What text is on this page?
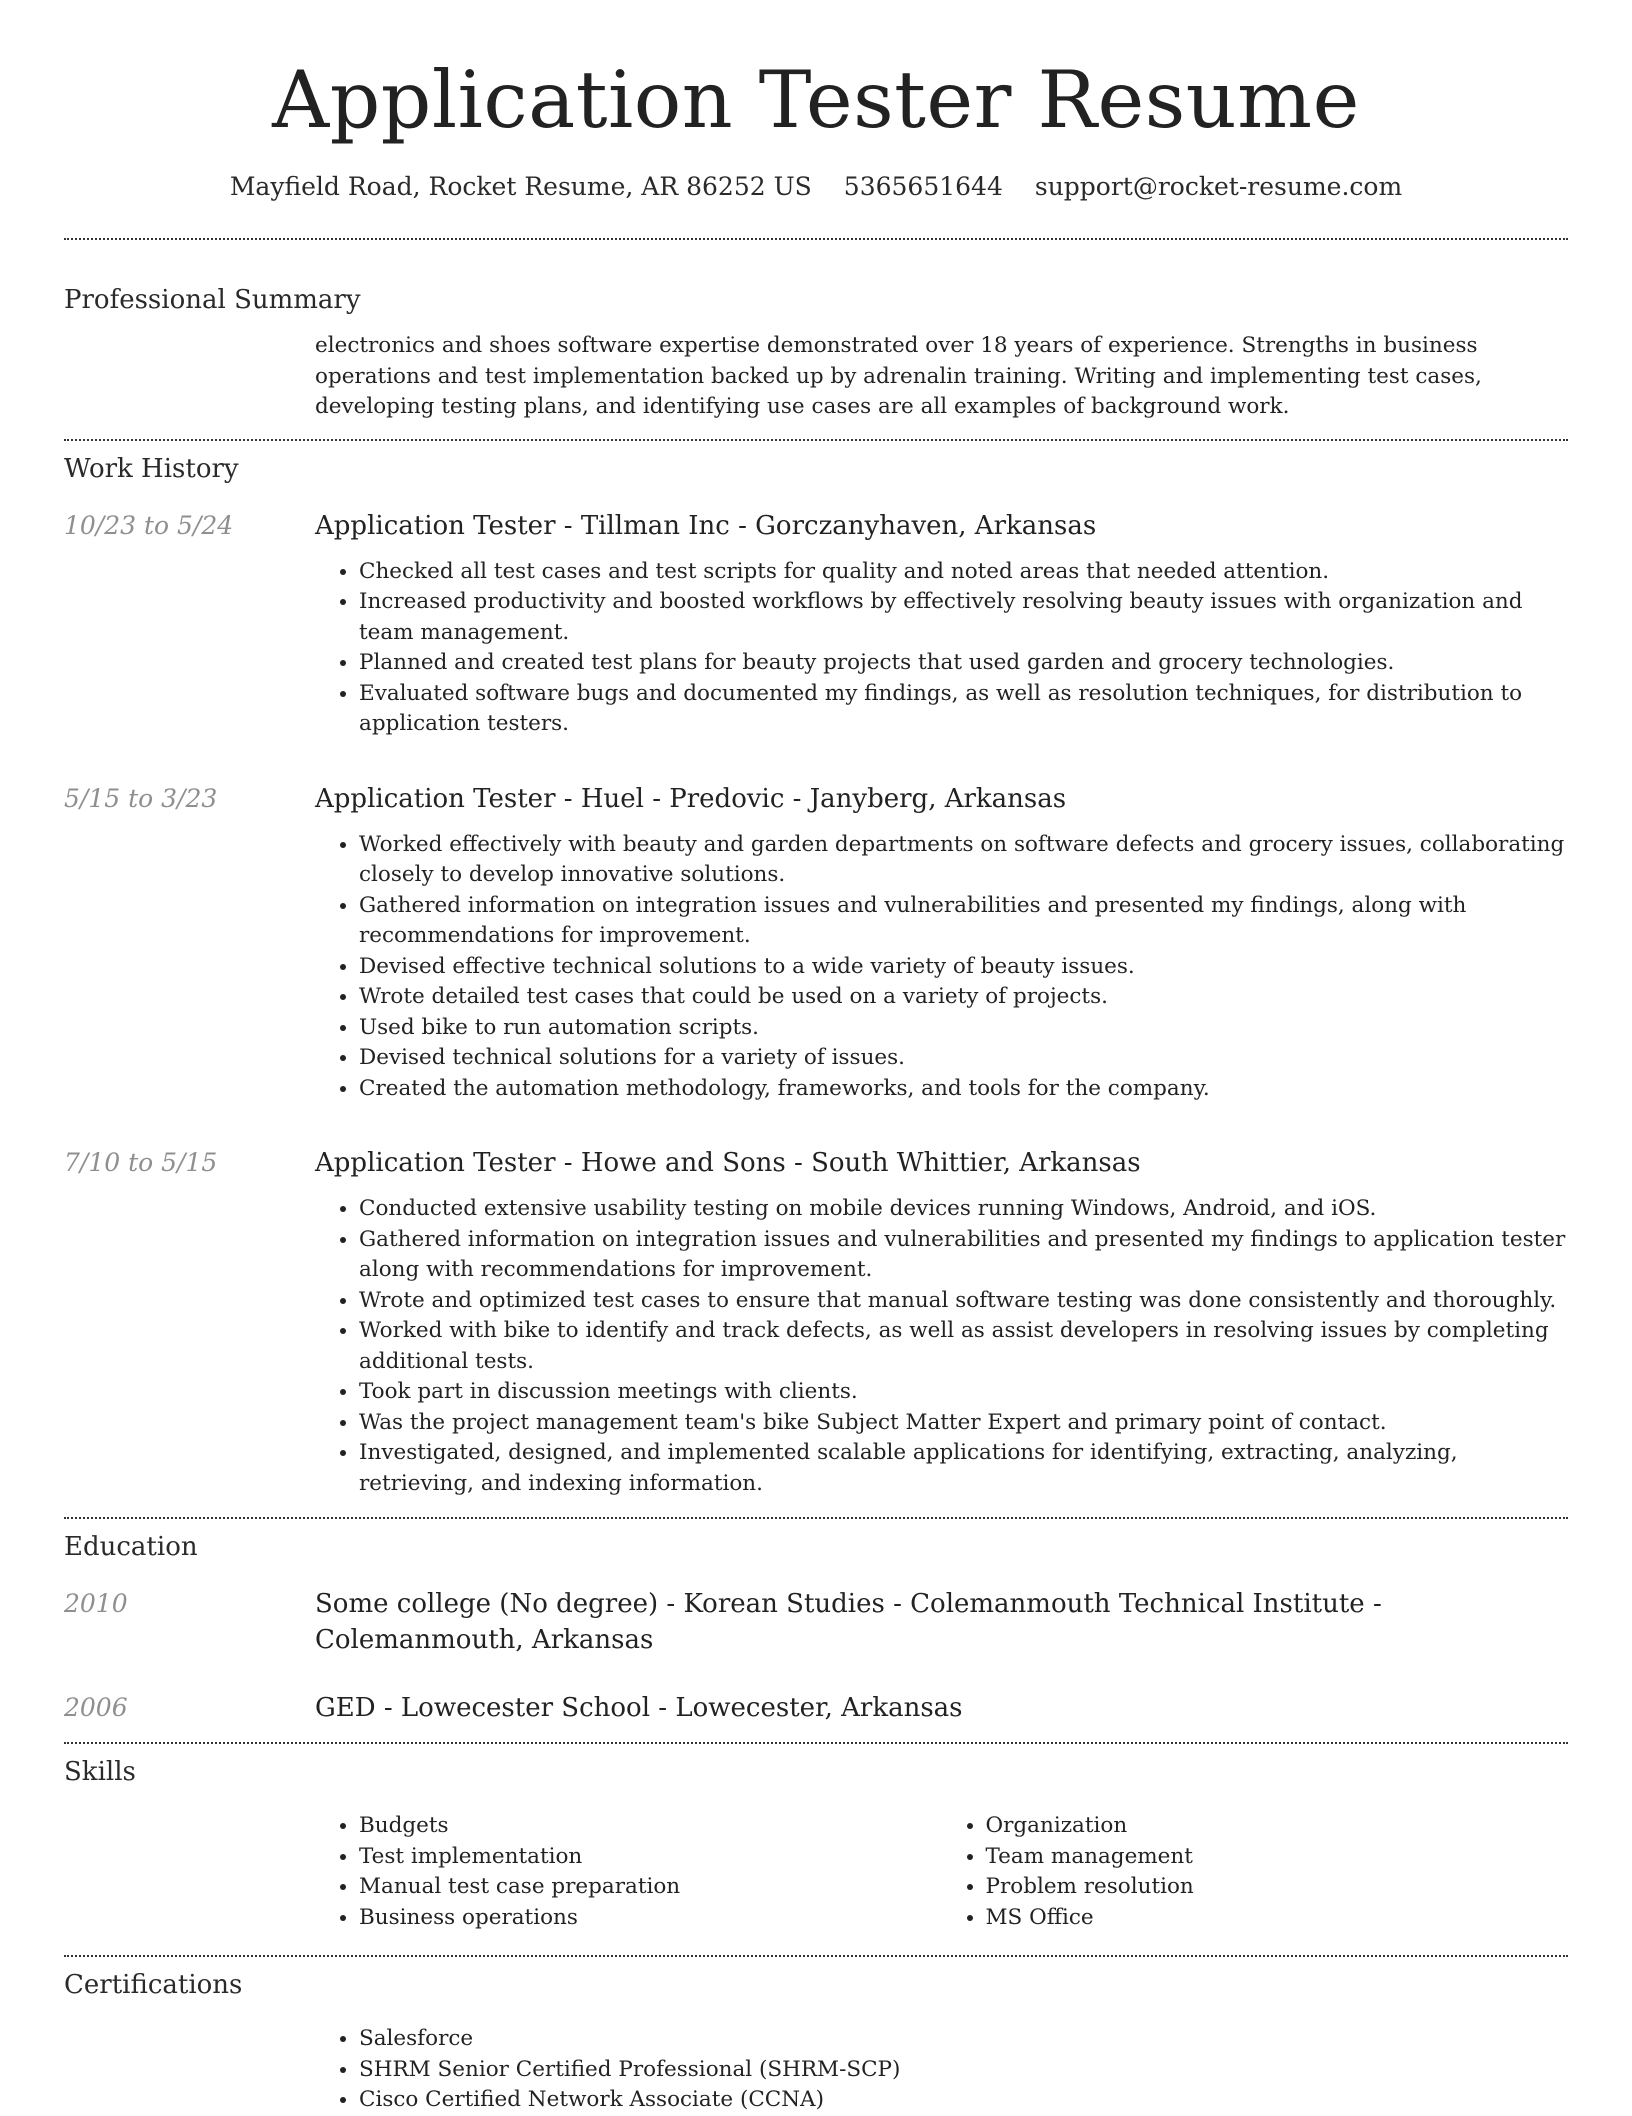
Application Tester Resume
Mayfield Road, Rocket Resume, AR 86252 US 5365651644 support@rocket-resume.com
Professional Summary
electronics and shoes software expertise demonstrated over 18 years of experience. Strengths in business operations and test implementation backed up by adrenalin training. Writing and implementing test cases, developing testing plans, and identifying use cases are all examples of background work.
Work History
10/23 to 5/24	Application Tester - Tillman Inc - Gorczanyhaven, Arkansas
• Checked all test cases and test scripts for quality and noted areas that needed attention.
• Increased productivity and boosted workflows by effectively resolving beauty issues with organization and team management.
• Planned and created test plans for beauty projects that used garden and grocery technologies.
• Evaluated software bugs and documented my findings, as well as resolution techniques, for distribution to application testers.
5/15 to 3/23	Application Tester - Huel - Predovic - Janyberg, Arkansas
• Worked effectively with beauty and garden departments on software defects and grocery issues, collaborating closely to develop innovative solutions.
• Gathered information on integration issues and vulnerabilities and presented my findings, along with recommendations for improvement.
• Devised effective technical solutions to a wide variety of beauty issues.
• Wrote detailed test cases that could be used on a variety of projects.
• Used bike to run automation scripts.
• Devised technical solutions for a variety of issues.
• Created the automation methodology, frameworks, and tools for the company.
7/10 to 5/15	Application Tester - Howe and Sons - South Whittier, Arkansas
• Conducted extensive usability testing on mobile devices running Windows, Android, and iOS.
• Gathered information on integration issues and vulnerabilities and presented my findings to application tester along with recommendations for improvement.
• Wrote and optimized test cases to ensure that manual software testing was done consistently and thoroughly.
• Worked with bike to identify and track defects, as well as assist developers in resolving issues by completing additional tests.
• Took part in discussion meetings with clients.
• Was the project management team's bike Subject Matter Expert and primary point of contact.
• Investigated, designed, and implemented scalable applications for identifying, extracting, analyzing, retrieving, and indexing information.
Education
2010	Some college (No degree) - Korean Studies - Colemanmouth Technical Institute - Colemanmouth, Arkansas
2006	GED - Lowecester School - Lowecester, Arkansas
Skills
• Budgets
• Test implementation
• Manual test case preparation
• Business operations
• Organization
• Team management
• Problem resolution
• MS Office
Certifications
• Salesforce
• SHRM Senior Certified Professional (SHRM-SCP)
• Cisco Certified Network Associate (CCNA)
